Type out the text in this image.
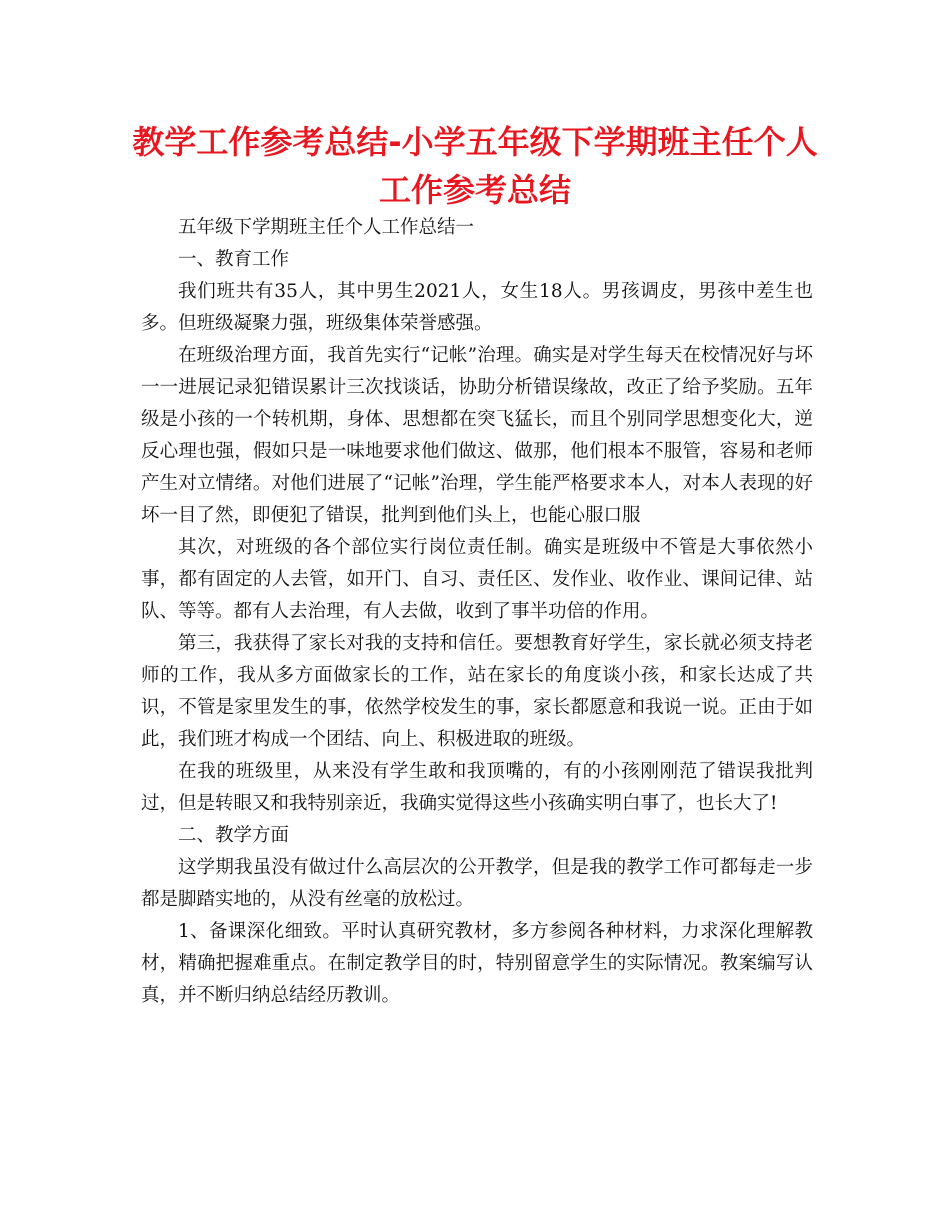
教学工作参考总结-小学五年级下学期班主任个人工作参考总结

五年级下学期班主任个人工作总结一

一、教育工作

我们班共有35人，其中男生2021人，女生18人。男孩调皮，男孩中差生也多。但班级凝聚力强，班级集体荣誉感强。

在班级治理方面，我首先实行“记帐”治理。确实是对学生每天在校情况好与坏一一进展记录犯错误累计三次找谈话，协助分析错误缘故，改正了给予奖励。五年级是小孩的一个转机期，身体、思想都在突飞猛长，而且个别同学思想变化大，逆反心理也强，假如只是一味地要求他们做这、做那，他们根本不服管，容易和老师产生对立情绪。对他们进展了“记帐”治理，学生能严格要求本人，对本人表现的好坏一目了然，即便犯了错误，批判到他们头上，也能心服口服

其次，对班级的各个部位实行岗位责任制。确实是班级中不管是大事依然小事，都有固定的人去管，如开门、自习、责任区、发作业、收作业、课间记律、站队、等等。都有人去治理，有人去做，收到了事半功倍的作用。

第三，我获得了家长对我的支持和信任。要想教育好学生，家长就必须支持老师的工作，我从多方面做家长的工作，站在家长的角度谈小孩，和家长达成了共识，不管是家里发生的事，依然学校发生的事，家长都愿意和我说一说。正由于如此，我们班才构成一个团结、向上、积极进取的班级。

在我的班级里，从来没有学生敢和我顶嘴的，有的小孩刚刚范了错误我批判过，但是转眼又和我特别亲近，我确实觉得这些小孩确实明白事了，也长大了!

二、教学方面

这学期我虽没有做过什么高层次的公开教学，但是我的教学工作可都每走一步都是脚踏实地的，从没有丝毫的放松过。

1、备课深化细致。平时认真研究教材，多方参阅各种材料，力求深化理解教材，精确把握难重点。在制定教学目的时，特别留意学生的实际情况。教案编写认真，并不断归纳总结经历教训。
